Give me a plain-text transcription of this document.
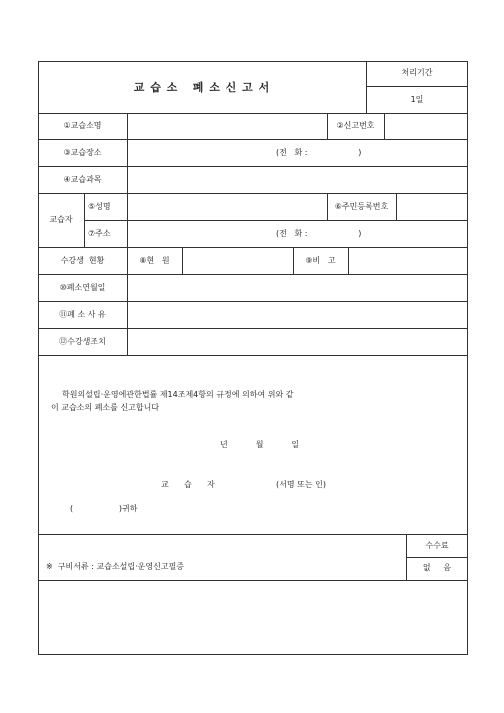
교 습 소   폐 소 신 고 서
처리기간
1일
①교습소명	②신고번호
③교습장소	(전   화 :                    )
④교습과목
교습자
⑤성명	⑥주민등록번호
⑦주소	(전   화 :                    )
수강생  현황	⑧현   원	⑨비   고
⑩폐소연월일
⑪폐 소 사 유
⑫수강생조치
학원의설립·운영에관한법률 제14조제4항의 규정에 의하여 위와 같
이 교습소의 폐소를 신고합니다
년           월           일
교      습      자	(서명 또는 인)
(                  )귀하
※  구비서류 : 교습소설립·운영신고필증
수수료
없     음
